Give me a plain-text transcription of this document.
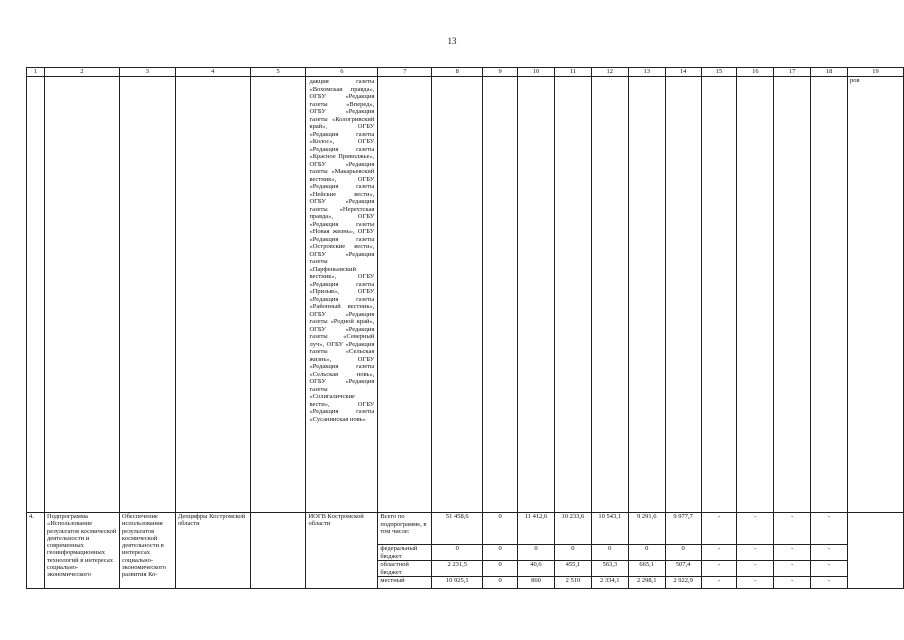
13
1	2	3	4	5	6	7	8	9	10	11	12	13	14	15	16	17	18	19
					дакция газеты «Вохомская правда», ОГБУ «Редакция газеты «Вперед», ОГБУ «Редакция газеты «Кологривский край», ОГБУ «Редакция газеты «Колос», ОГБУ «Редакция газеты «Красное Приволжье», ОГБУ «Редакция газеты «Макарьевский вестник», ОГБУ «Редакция газеты «Нейские вести», ОГБУ «Редакция газеты «Нерехтская правда», ОГБУ «Редакция газеты «Новая жизнь», ОГБУ «Редакция газеты «Островские вести», ОГБУ «Редакция газеты «Парфеньевский вестник», ОГБУ «Редакция газеты «Призыв», ОГБУ «Редакция газеты «Районный вестник», ОГБУ «Редакция газеты «Родной край», ОГБУ «Редакция газеты «Северный луч», ОГБУ «Редакция газеты «Сельская жизнь», ОГБУ «Редакция газеты «Сельская новь», ОГБУ «Редакция газеты «Солигаличские вести», ОГБУ «Редакция газеты «Сусанинская новь»													ров
4.	Подпрограмма «Использование результатов космической деятельности и современных геоинформационных технологий в интересах социально-экономического	Обеспечение использования результатов космической деятельности в интересах социально-экономического развития Ко-	Депцифры Костромской области		ИОГВ Костромской области	Всего по подпрограмме, в том числе:	51 458,6	0	11 412,6	10 233,6	10 543,1	9 291,6	9 977,7	-	-	-	-	
						федеральный бюджет	0	0	0	0	0	0	0	-	-	-	-	
						областной бюджет	2 231,5	0	40,6	455,1	563,3	665,1	507,4	-	-	-	-	
						местный	10 925,1	0	860	2 510	2 334,1	2 298,1	2 922,9	-	-	-	-	
